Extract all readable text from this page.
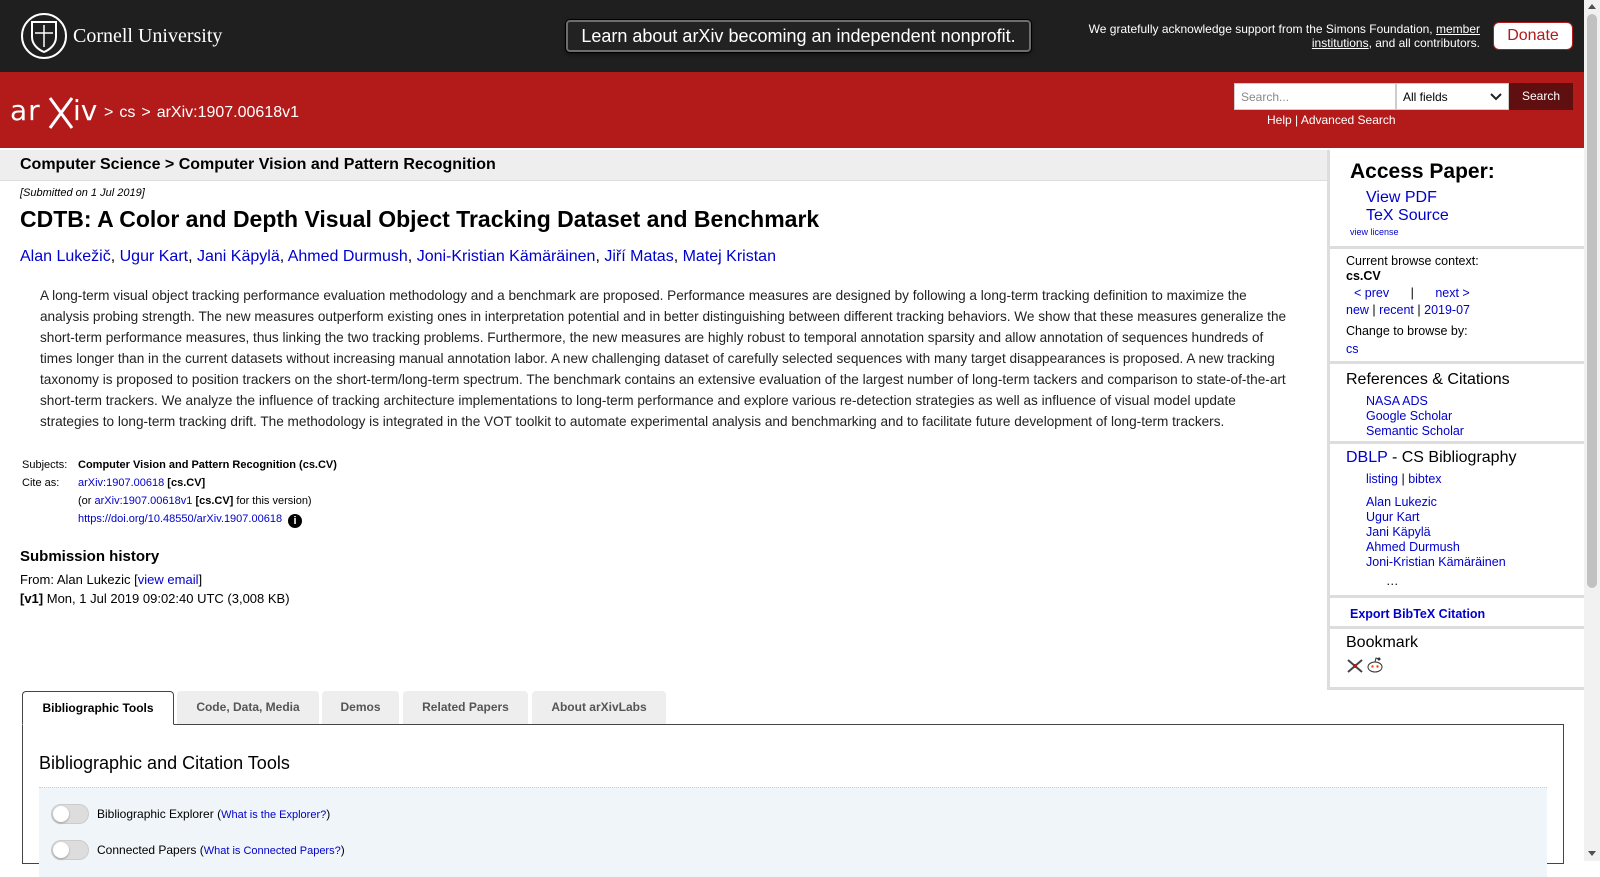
Cornell University	Learn about arXiv becoming an independent nonprofit.	We gratefully acknowledge support from the Simons Foundation, member institutions, and all contributors.	Donate
ar iv > cs > arXiv:1907.00618v1
Search...	All fields	Search
Help | Advanced Search
Computer Science > Computer Vision and Pattern Recognition
[Submitted on 1 Jul 2019]
CDTB: A Color and Depth Visual Object Tracking Dataset and Benchmark
Alan Lukežič, Ugur Kart, Jani Käpylä, Ahmed Durmush, Joni-Kristian Kämäräinen, Jiří Matas, Matej Kristan
A long-term visual object tracking performance evaluation methodology and a benchmark are proposed. Performance measures are designed by following a long-term tracking definition to maximize the analysis probing strength. The new measures outperform existing ones in interpretation potential and in better distinguishing between different tracking behaviors. We show that these measures generalize the short-term performance measures, thus linking the two tracking problems. Furthermore, the new measures are highly robust to temporal annotation sparsity and allow annotation of sequences hundreds of times longer than in the current datasets without increasing manual annotation labor. A new challenging dataset of carefully selected sequences with many target disappearances is proposed. A new tracking taxonomy is proposed to position trackers on the short-term/long-term spectrum. The benchmark contains an extensive evaluation of the largest number of long-term tackers and comparison to state-of-the-art short-term trackers. We analyze the influence of tracking architecture implementations to long-term performance and explore various re-detection strategies as well as influence of visual model update strategies to long-term tracking drift. The methodology is integrated in the VOT toolkit to automate experimental analysis and benchmarking and to facilitate future development of long-term trackers.
Subjects:	Computer Vision and Pattern Recognition (cs.CV)
Cite as:	arXiv:1907.00618 [cs.CV]
	(or arXiv:1907.00618v1 [cs.CV] for this version)
	https://doi.org/10.48550/arXiv.1907.00618 i
Submission history
From: Alan Lukezic [view email]
[v1] Mon, 1 Jul 2019 09:02:40 UTC (3,008 KB)
Access Paper:
View PDF
TeX Source
view license
Current browse context:
cs.CV
< prev | next >
new | recent | 2019-07
Change to browse by:
cs
References & Citations
NASA ADS
Google Scholar
Semantic Scholar
DBLP - CS Bibliography
listing | bibtex
Alan Lukezic
Ugur Kart
Jani Käpylä
Ahmed Durmush
Joni-Kristian Kämäräinen
…
Export BibTeX Citation
Bookmark
Bibliographic Tools	Code, Data, Media	Demos	Related Papers	About arXivLabs
Bibliographic and Citation Tools
Bibliographic Explorer (What is the Explorer?)
Connected Papers (What is Connected Papers?)
